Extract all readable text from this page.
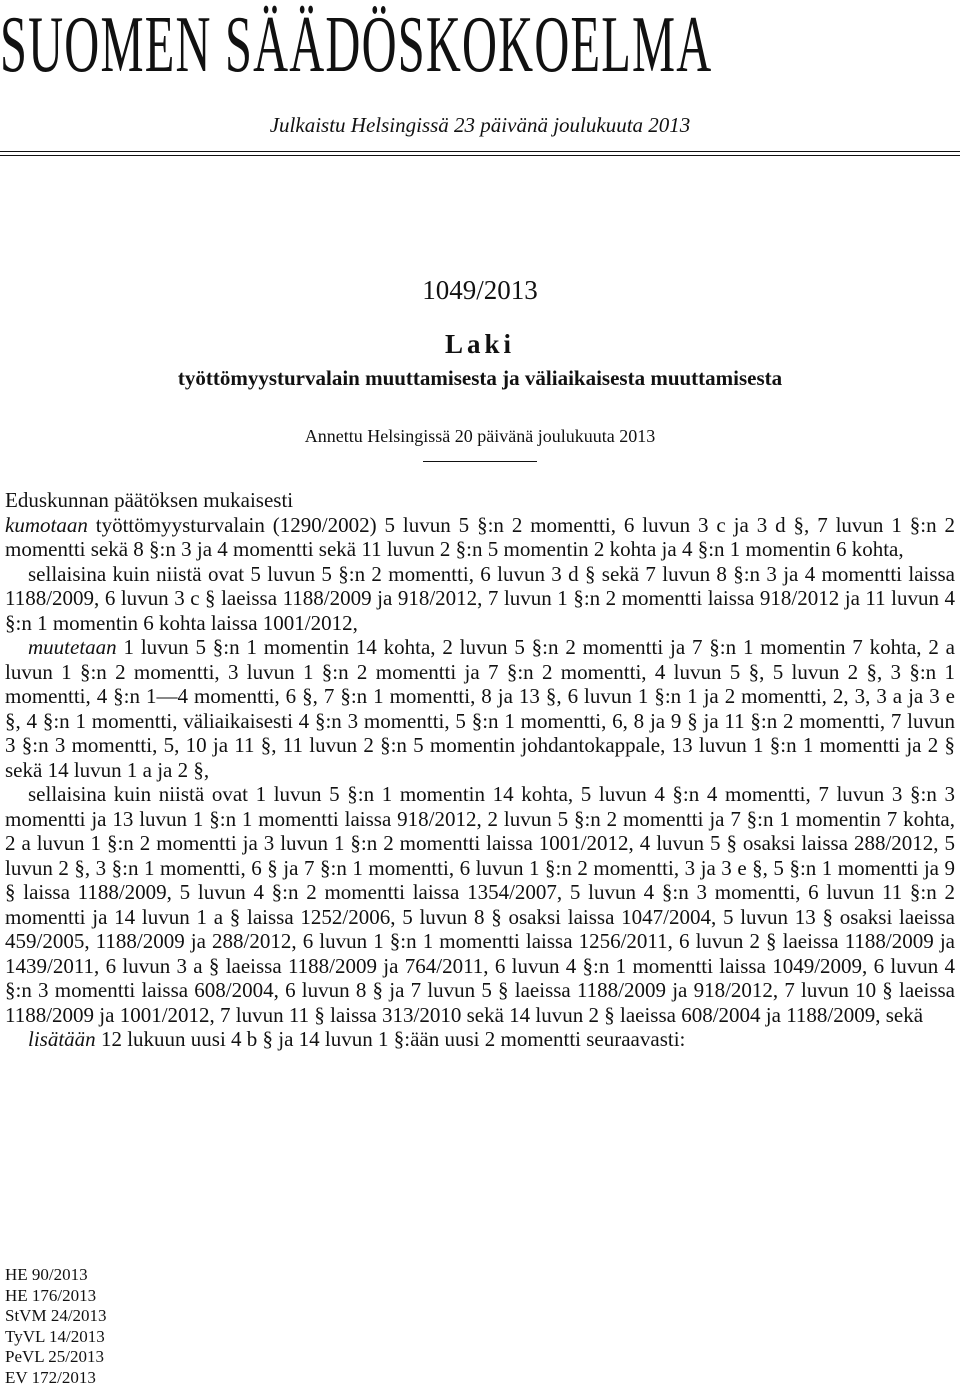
SUOMEN SÄÄDÖSKOKOELMA
Julkaistu Helsingissä 23 päivänä joulukuuta 2013
1049/2013
Laki
työttömyysturvalain muuttamisesta ja väliaikaisesta muuttamisesta
Annettu Helsingissä 20 päivänä joulukuuta 2013

Eduskunnan päätöksen mukaisesti

kumotaan työttömyysturvalain (1290/2002) 5 luvun 5 §:n 2 momentti, 6 luvun 3 c ja 3 d §, 7 luvun 1 §:n 2 momentti sekä 8 §:n 3 ja 4 momentti sekä 11 luvun 2 §:n 5 momentin 2 kohta ja 4 §:n 1 momentin 6 kohta,

sellaisina kuin niistä ovat 5 luvun 5 §:n 2 momentti, 6 luvun 3 d § sekä 7 luvun 8 §:n 3 ja 4 momentti laissa 1188/2009, 6 luvun 3 c § laeissa 1188/2009 ja 918/2012, 7 luvun 1 §:n 2 momentti laissa 918/2012 ja 11 luvun 4 §:n 1 momentin 6 kohta laissa 1001/2012,

muutetaan 1 luvun 5 §:n 1 momentin 14 kohta, 2 luvun 5 §:n 2 momentti ja 7 §:n 1 momentin 7 kohta, 2 a luvun 1 §:n 2 momentti, 3 luvun 1 §:n 2 momentti ja 7 §:n 2 momentti, 4 luvun 5 §, 5 luvun 2 §, 3 §:n 1 momentti, 4 §:n 1—4 momentti, 6 §, 7 §:n 1 momentti, 8 ja 13 §, 6 luvun 1 §:n 1 ja 2 momentti, 2, 3, 3 a ja 3 e §, 4 §:n 1 momentti, väliaikaisesti 4 §:n 3 momentti, 5 §:n 1 momentti, 6, 8 ja 9 § ja 11 §:n 2 momentti, 7 luvun 3 §:n 3 momentti, 5, 10 ja 11 §, 11 luvun 2 §:n 5 momentin johdantokappale, 13 luvun 1 §:n 1 momentti ja 2 § sekä 14 luvun 1 a ja 2 §,

sellaisina kuin niistä ovat 1 luvun 5 §:n 1 momentin 14 kohta, 5 luvun 4 §:n 4 momentti, 7 luvun 3 §:n 3 momentti ja 13 luvun 1 §:n 1 momentti laissa 918/2012, 2 luvun 5 §:n 2 momentti ja 7 §:n 1 momentin 7 kohta, 2 a luvun 1 §:n 2 momentti ja 3 luvun 1 §:n 2 momentti laissa 1001/2012, 4 luvun 5 § osaksi laissa 288/2012, 5 luvun 2 §, 3 §:n 1 momentti, 6 § ja 7 §:n 1 momentti, 6 luvun 1 §:n 2 momentti, 3 ja 3 e §, 5 §:n 1 momentti ja 9 § laissa 1188/2009, 5 luvun 4 §:n 2 momentti laissa 1354/2007, 5 luvun 4 §:n 3 momentti, 6 luvun 11 §:n 2 momentti ja 14 luvun 1 a § laissa 1252/2006, 5 luvun 8 § osaksi laissa 1047/2004, 5 luvun 13 § osaksi laeissa 459/2005, 1188/2009 ja 288/2012, 6 luvun 1 §:n 1 momentti laissa 1256/2011, 6 luvun 2 § laeissa 1188/2009 ja 1439/2011, 6 luvun 3 a § laeissa 1188/2009 ja 764/2011, 6 luvun 4 §:n 1 momentti laissa 1049/2009, 6 luvun 4 §:n 3 momentti laissa 608/2004, 6 luvun 8 § ja 7 luvun 5 § laeissa 1188/2009 ja 918/2012, 7 luvun 10 § laeissa 1188/2009 ja 1001/2012, 7 luvun 11 § laissa 313/2010 sekä 14 luvun 2 § laeissa 608/2004 ja 1188/2009, sekä

lisätään 12 lukuun uusi 4 b § ja 14 luvun 1 §:ään uusi 2 momentti seuraavasti:

HE 90/2013
HE 176/2013
StVM 24/2013
TyVL 14/2013
PeVL 25/2013
EV 172/2013
